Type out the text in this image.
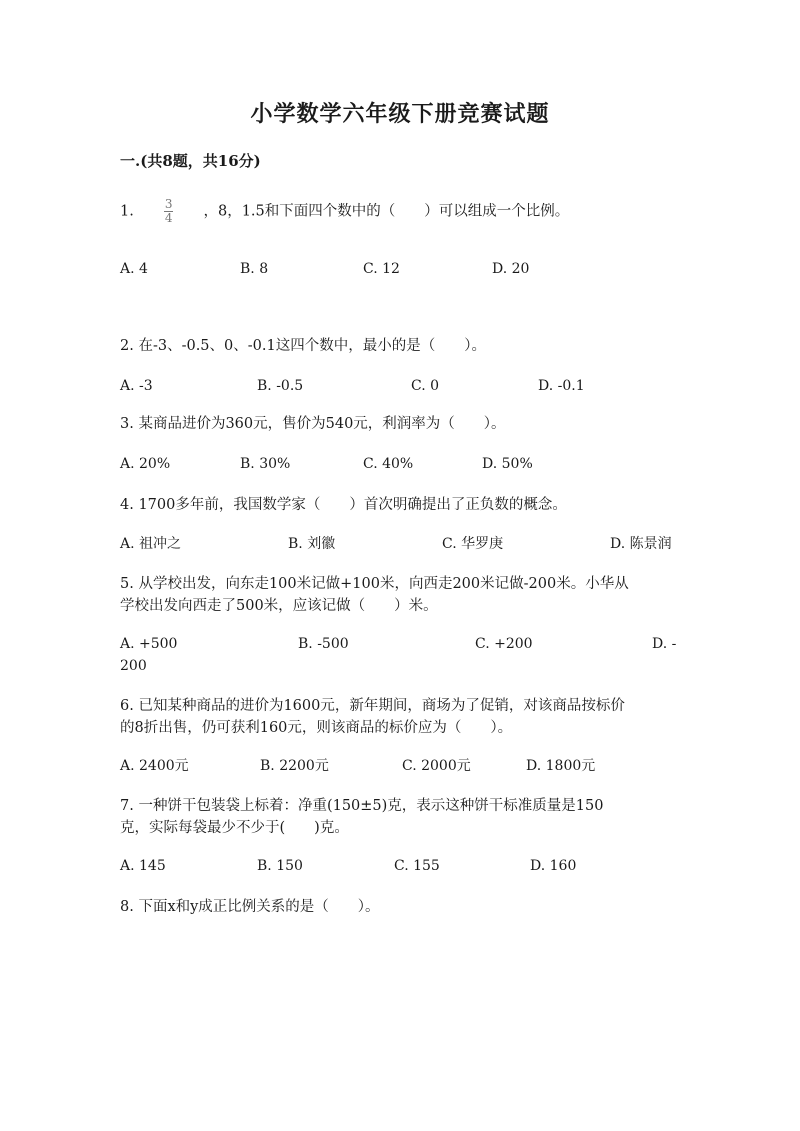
小学数学六年级下册竞赛试题
一.(共8题，共16分)
1.	$\frac{3}{4}$ ，8，1.5和下面四个数中的（　　）可以组成一个比例。
A. 4	B. 8	C. 12	D. 20
2. 在-3、-0.5、0、-0.1这四个数中，最小的是（　　）。
A. -3	B. -0.5	C. 0	D. -0.1
3. 某商品进价为360元，售价为540元，利润率为（　　）。
A. 20%	B. 30%	C. 40%	D. 50%
4. 1700多年前，我国数学家（　　）首次明确提出了正负数的概念。
A. 祖冲之	B. 刘徽	C. 华罗庚	D. 陈景润
5. 从学校出发，向东走100米记做+100米，向西走200米记做-200米。小华从
学校出发向西走了500米，应该记做（　　）米。
A. +500	B. -500	C. +200	D. -
200
6. 已知某种商品的进价为1600元，新年期间，商场为了促销，对该商品按标价
的8折出售，仍可获利160元，则该商品的标价应为（　　）。
A. 2400元	B. 2200元	C. 2000元	D. 1800元
7. 一种饼干包装袋上标着：净重(150±5)克，表示这种饼干标准质量是150
克，实际每袋最少不少于(　　)克。
A. 145	B. 150	C. 155	D. 160
8. 下面x和y成正比例关系的是（　　）。
